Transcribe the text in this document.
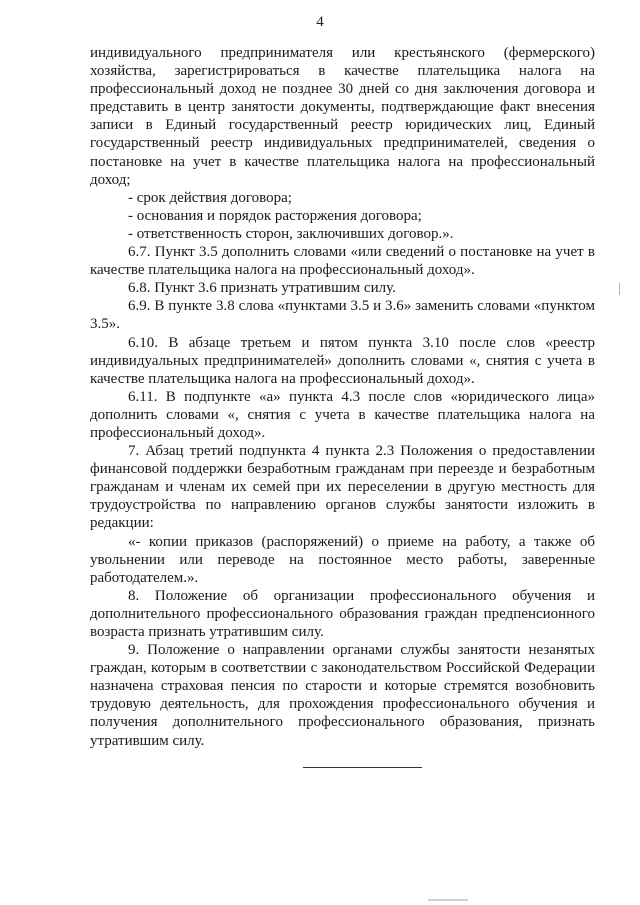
4

индивидуального предпринимателя или крестьянского (фермерского) хозяйства, зарегистрироваться в качестве плательщика налога на профессиональный доход не позднее 30 дней со дня заключения договора и представить в центр занятости документы, подтверждающие факт внесения записи в Единый государственный реестр юридических лиц, Единый государственный реестр индивидуальных предпринимателей, сведения о постановке на учет в качестве плательщика налога на профессиональный доход;

- срок действия договора;

- основания и порядок расторжения договора;

- ответственность сторон, заключивших договор.».

6.7. Пункт 3.5 дополнить словами «или сведений о постановке на учет в качестве плательщика налога на профессиональный доход».

6.8. Пункт 3.6 признать утратившим силу.

6.9. В пункте 3.8 слова «пунктами 3.5 и 3.6» заменить словами «пунктом 3.5».

6.10. В абзаце третьем и пятом пункта 3.10 после слов «реестр индивидуальных предпринимателей» дополнить словами «, снятия с учета в качестве плательщика налога на профессиональный доход».

6.11. В подпункте «а» пункта 4.3 после слов «юридического лица» дополнить словами «, снятия с учета в качестве плательщика налога на профессиональный доход».

7. Абзац третий подпункта 4 пункта 2.3 Положения о предоставлении финансовой поддержки безработным гражданам при переезде и безработным гражданам и членам их семей при их переселении в другую местность для трудоустройства по направлению органов службы занятости изложить в редакции:

«- копии приказов (распоряжений) о приеме на работу, а также об увольнении или переводе на постоянное место работы, заверенные работодателем.».

8. Положение об организации профессионального обучения и дополнительного профессионального образования граждан предпенсионного возраста признать утратившим силу.

9. Положение о направлении органами службы занятости незанятых граждан, которым в соответствии с законодательством Российской Федерации назначена страховая пенсия по старости и которые стремятся возобновить трудовую деятельность, для прохождения профессионального обучения и получения дополнительного профессионального образования, признать утратившим силу.
